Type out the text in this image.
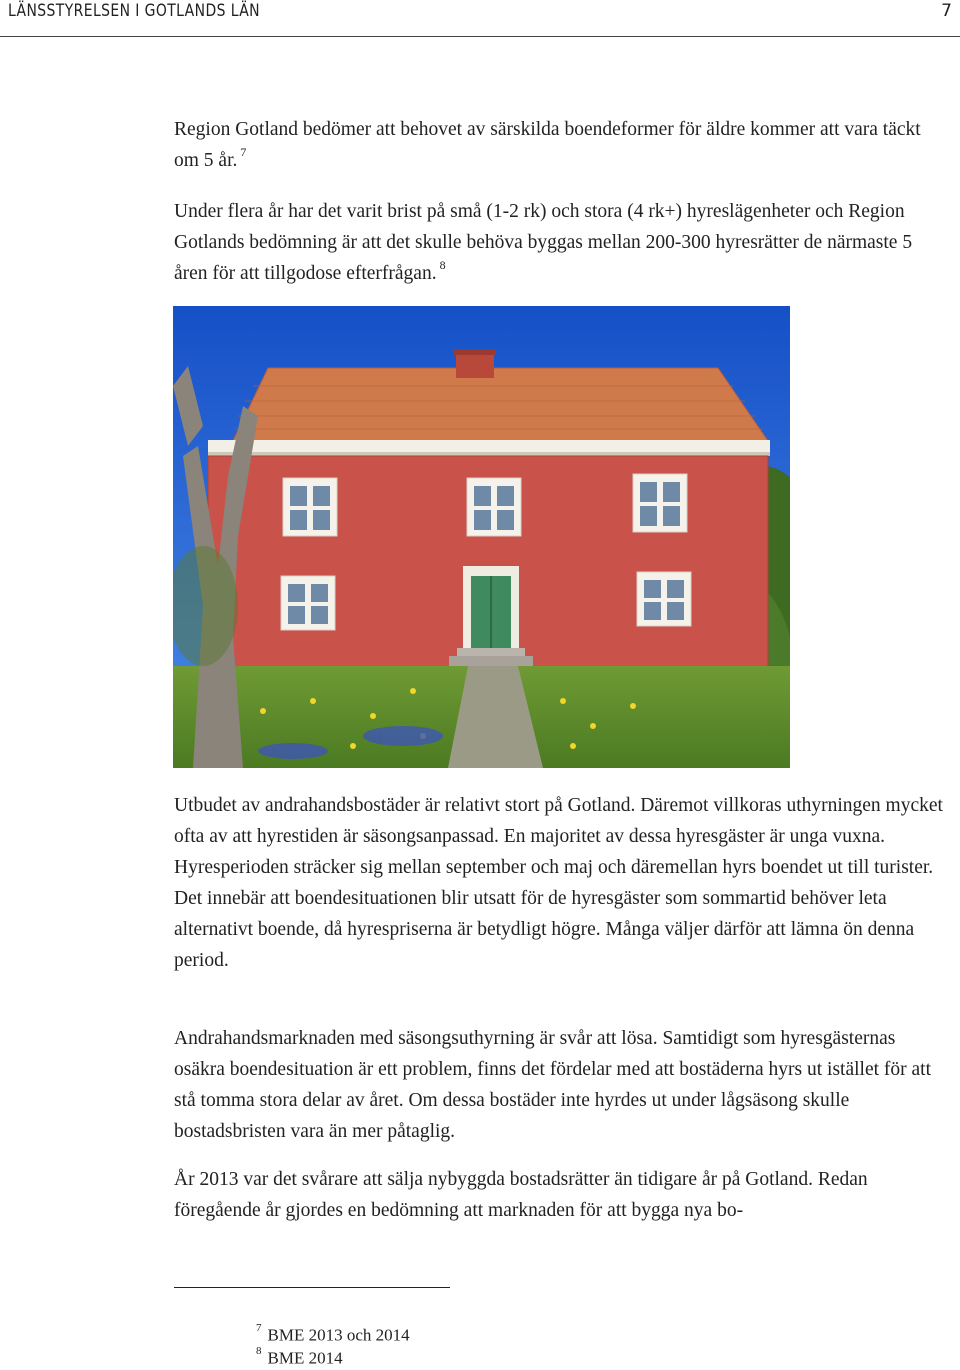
LÄNSSTYRELSEN I GOTLANDS LÄN	7

Region Gotland bedömer att behovet av särskilda boendeformer för äldre kommer att vara täckt om 5 år. $^7$

Under flera år har det varit brist på små (1-2 rk) och stora (4 rk+) hyreslägenheter och Region Gotlands bedömning är att det skulle behöva byggas mellan 200-300 hyresrätter de närmaste 5 åren för att tillgodose efterfrågan. $^8$

Utbudet av andrahandsbostäder är relativt stort på Gotland. Däremot villkoras uthyrningen mycket ofta av att hyrestiden är säsongsanpassad. En majoritet av dessa hyresgäster är unga vuxna. Hyresperioden sträcker sig mellan september och maj och däremellan hyrs boendet ut till turister. Det innebär att boendesituationen blir utsatt för de hyresgäster som sommartid behöver leta alternativt boende, då hyrespriserna är betydligt högre. Många väljer därför att lämna ön denna period.

Andrahandsmarknaden med säsongsuthyrning är svår att lösa. Samtidigt som hyresgästernas osäkra boendesituation är ett problem, finns det fördelar med att bostäderna hyrs ut istället för att stå tomma stora delar av året. Om dessa bostäder inte hyrdes ut under lågsäsong skulle bostadsbristen vara än mer påtaglig.

År 2013 var det svårare att sälja nybyggda bostadsrätter än tidigare år på Gotland. Redan föregående år gjordes en bedömning att marknaden för att bygga nya bo-

$^7$ BME 2013 och 2014
$^8$ BME 2014
